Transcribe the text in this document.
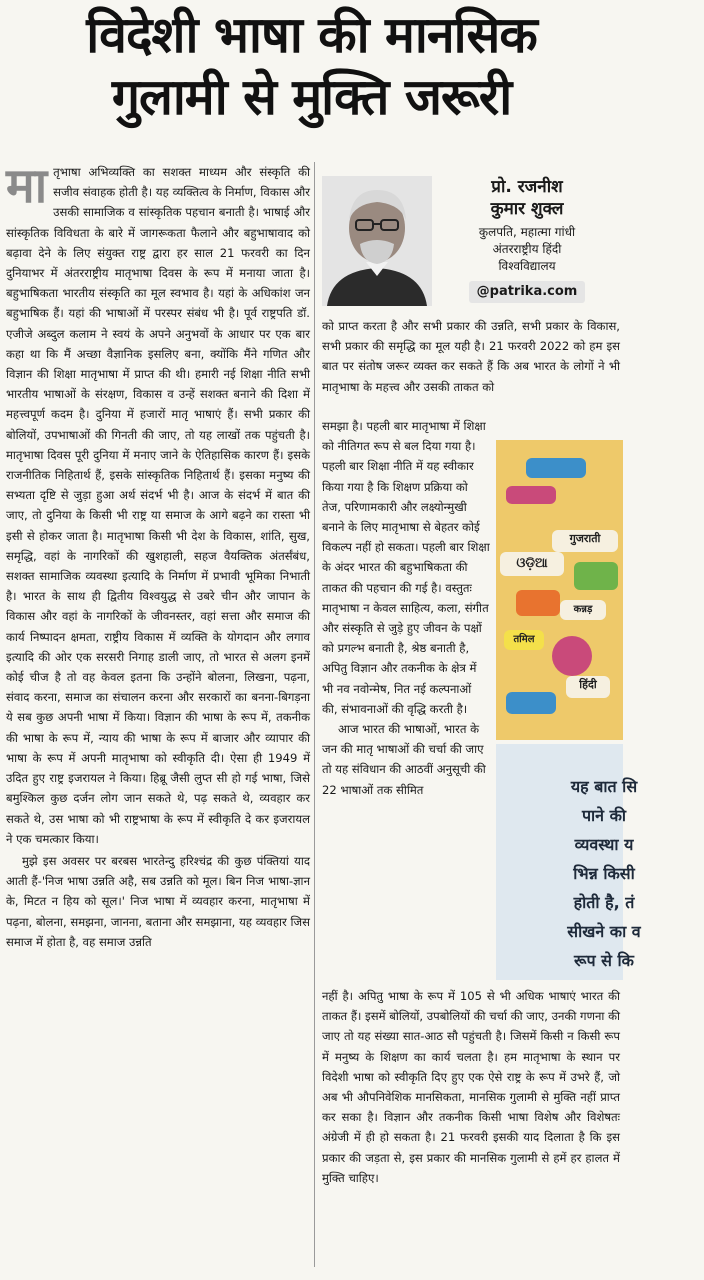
विदेशी भाषा की मानसिक
गुलामी से मुक्ति जरूरी

मातृभाषा अभिव्यक्ति का सशक्त माध्यम और संस्कृति की सजीव संवाहक होती है। यह व्यक्तित्व के निर्माण, विकास और उसकी सामाजिक व सांस्कृतिक पहचान बनाती है। भाषाई और सांस्कृतिक विविधता के बारे में जागरूकता फैलाने और बहुभाषावाद को बढ़ावा देने के लिए संयुक्त राष्ट्र द्वारा हर साल 21 फरवरी का दिन दुनियाभर में अंतरराष्ट्रीय मातृभाषा दिवस के रूप में मनाया जाता है। बहुभाषिकता भारतीय संस्कृति का मूल स्वभाव है। यहां के अधिकांश जन बहुभाषिक हैं। यहां की भाषाओं में परस्पर संबंध भी है। पूर्व राष्ट्रपति डॉ. एजीजे अब्दुल कलाम ने स्वयं के अपने अनुभवों के आधार पर एक बार कहा था कि मैं अच्छा वैज्ञानिक इसलिए बना, क्योंकि मैंने गणित और विज्ञान की शिक्षा मातृभाषा में प्राप्त की थी। हमारी नई शिक्षा नीति सभी भारतीय भाषाओं के संरक्षण, विकास व उन्हें सशक्त बनाने की दिशा में महत्त्वपूर्ण कदम है। दुनिया में हजारों मातृ भाषाएं हैं। सभी प्रकार की बोलियों, उपभाषाओं की गिनती की जाए, तो यह लाखों तक पहुंचती है। मातृभाषा दिवस पूरी दुनिया में मनाए जाने के ऐतिहासिक कारण हैं। इसके राजनीतिक निहितार्थ हैं, इसके सांस्कृतिक निहितार्थ हैं। इसका मनुष्य की सभ्यता दृष्टि से जुड़ा हुआ अर्थ संदर्भ भी है। आज के संदर्भ में बात की जाए, तो दुनिया के किसी भी राष्ट्र या समाज के आगे बढ़ने का रास्ता भी इसी से होकर जाता है। मातृभाषा किसी भी देश के विकास, शांति, सुख, समृद्धि, वहां के नागरिकों की खुशहाली, सहज वैयक्तिक अंतर्संबंध, सशक्त सामाजिक व्यवस्था इत्यादि के निर्माण में प्रभावी भूमिका निभाती है। भारत के साथ ही द्वितीय विश्वयुद्ध से उबरे चीन और जापान के विकास और वहां के नागरिकों के जीवनस्तर, वहां सत्ता और समाज की कार्य निष्पादन क्षमता, राष्ट्रीय विकास में व्यक्ति के योगदान और लगाव इत्यादि की ओर एक सरसरी निगाह डाली जाए, तो भारत से अलग इनमें कोई चीज है तो वह केवल इतना कि उन्होंने बोलना, लिखना, पढ़ना, संवाद करना, समाज का संचालन करना और सरकारों का बनना-बिगड़ना ये सब कुछ अपनी भाषा में किया। विज्ञान की भाषा के रूप में, तकनीक की भाषा के रूप में, न्याय की भाषा के रूप में बाजार और व्यापार की भाषा के रूप में अपनी मातृभाषा को स्वीकृति दी। ऐसा ही 1949 में उदित हुए राष्ट्र इजरायल ने किया। हिब्रू जैसी लुप्त सी हो गई भाषा, जिसे बमुश्किल कुछ दर्जन लोग जान सकते थे, पढ़ सकते थे, व्यवहार कर सकते थे, उस भाषा को भी राष्ट्रभाषा के रूप में स्वीकृति दे कर इजरायल ने एक चमत्कार किया।

मुझे इस अवसर पर बरबस भारतेन्दु हरिश्चंद्र की कुछ पंक्तियां याद आती हैं-'निज भाषा उन्नति अहै, सब उन्नति को मूल। बिन निज भाषा-ज्ञान के, मिटत न हिय को सूल।' निज भाषा में व्यवहार करना, मातृभाषा में पढ़ना, बोलना, समझना, जानना, बताना और समझाना, यह व्यवहार जिस समाज में होता है, वह समाज उन्नति

प्रो. रजनीश
कुमार शुक्ल
कुलपति, महात्मा गांधी
अंतरराष्ट्रीय हिंदी
विश्वविद्यालय
@patrika.com
को प्राप्त करता है और सभी प्रकार की उन्नति, सभी प्रकार के विकास, सभी प्रकार की समृद्धि का मूल यही है। 21 फरवरी 2022 को हम इस बात पर संतोष जरूर व्यक्त कर सकते हैं कि अब भारत के लोगों ने भी मातृभाषा के महत्त्व और उसकी ताकत को

समझा है। पहली बार मातृभाषा में शिक्षा को नीतिगत रूप से बल दिया गया है। पहली बार शिक्षा नीति में यह स्वीकार किया गया है कि शिक्षण प्रक्रिया को तेज, परिणामकारी और लक्ष्योन्मुखी बनाने के लिए मातृभाषा से बेहतर कोई विकल्प नहीं हो सकता। पहली बार शिक्षा के अंदर भारत की बहुभाषिकता की ताकत की पहचान की गई है। वस्तुतः मातृभाषा न केवल साहित्य, कला, संगीत और संस्कृति से जुड़े हुए जीवन के पक्षों को प्रगल्भ बनाती है, श्रेष्ठ बनाती है, अपितु विज्ञान और तकनीक के क्षेत्र में भी नव नवोन्मेष, नित नई कल्पनाओं की, संभावनाओं की वृद्धि करती है।

आज भारत की भाषाओं, भारत के जन की मातृ भाषाओं की चर्चा की जाए तो यह संविधान की आठवीं अनुसूची की 22 भाषाओं तक सीमित

गुजराती
ଓଡ଼ିଆ
कन्नड़
तमिल
हिंदी
यह बात सि
पाने की
व्यवस्था य
भिन्न किसी
होती है, तं
सीखने का व
रूप से कि
नहीं है। अपितु भाषा के रूप में 105 से भी अधिक भाषाएं भारत की ताकत हैं। इसमें बोलियों, उपबोलियों की चर्चा की जाए, उनकी गणना की जाए तो यह संख्या सात-आठ सौ पहुंचती है। जिसमें किसी न किसी रूप में मनुष्य के शिक्षण का कार्य चलता है। हम मातृभाषा के स्थान पर विदेशी भाषा को स्वीकृति दिए हुए एक ऐसे राष्ट्र के रूप में उभरे हैं, जो अब भी औपनिवेशिक मानसिकता, मानसिक गुलामी से मुक्ति नहीं प्राप्त कर सका है। विज्ञान और तकनीक किसी भाषा विशेष और विशेषतः अंग्रेजी में ही हो सकता है। 21 फरवरी इसकी याद दिलाता है कि इस प्रकार की जड़ता से, इस प्रकार की मानसिक गुलामी से हमें हर हालत में मुक्ति चाहिए।
